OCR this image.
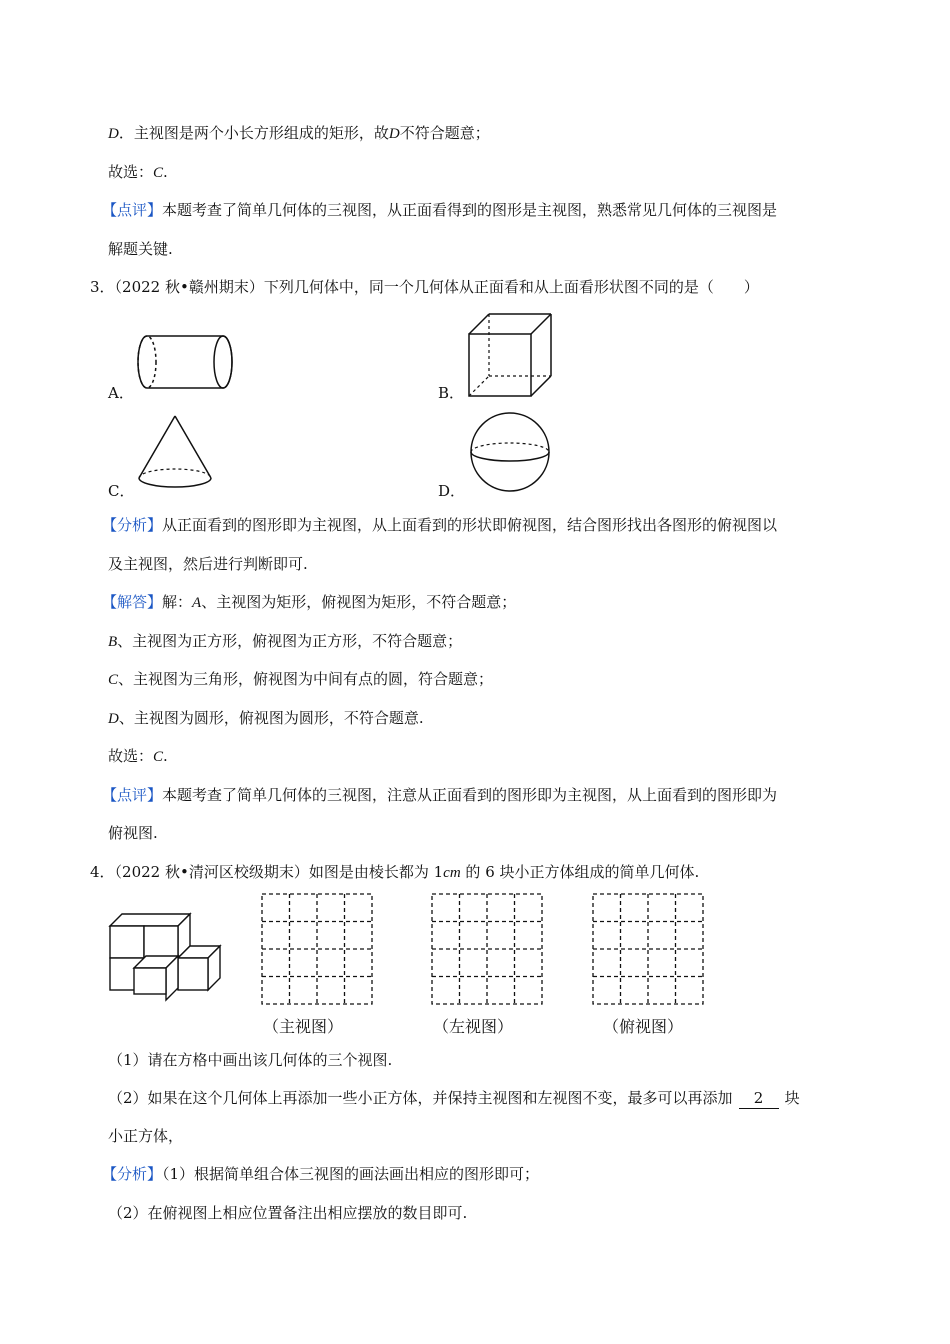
D．主视图是两个小长方形组成的矩形，故D不符合题意；
故选：C.
【点评】本题考查了简单几何体的三视图，从正面看得到的图形是主视图，熟悉常见几何体的三视图是
解题关键.
3．（2022 秋•赣州期末）下列几何体中，同一个几何体从正面看和从上面看形状图不同的是（　　）
A．	B．
C．	D．
【分析】从正面看到的图形即为主视图，从上面看到的形状即俯视图，结合图形找出各图形的俯视图以
及主视图，然后进行判断即可.
【解答】解：A、主视图为矩形，俯视图为矩形，不符合题意；
B、主视图为正方形，俯视图为正方形，不符合题意；
C、主视图为三角形，俯视图为中间有点的圆，符合题意；
D、主视图为圆形，俯视图为圆形，不符合题意.
故选：C.
【点评】本题考查了简单几何体的三视图，注意从正面看到的图形即为主视图，从上面看到的图形即为
俯视图.
4．（2022 秋•清河区校级期末）如图是由棱长都为 1cm 的 6 块小正方体组成的简单几何体.
（主视图）	（左视图）	（俯视图）
（1）请在方格中画出该几何体的三个视图.
（2）如果在这个几何体上再添加一些小正方体，并保持主视图和左视图不变，最多可以再添加 2 块
小正方体，
【分析】（1）根据简单组合体三视图的画法画出相应的图形即可；
（2）在俯视图上相应位置备注出相应摆放的数目即可.
